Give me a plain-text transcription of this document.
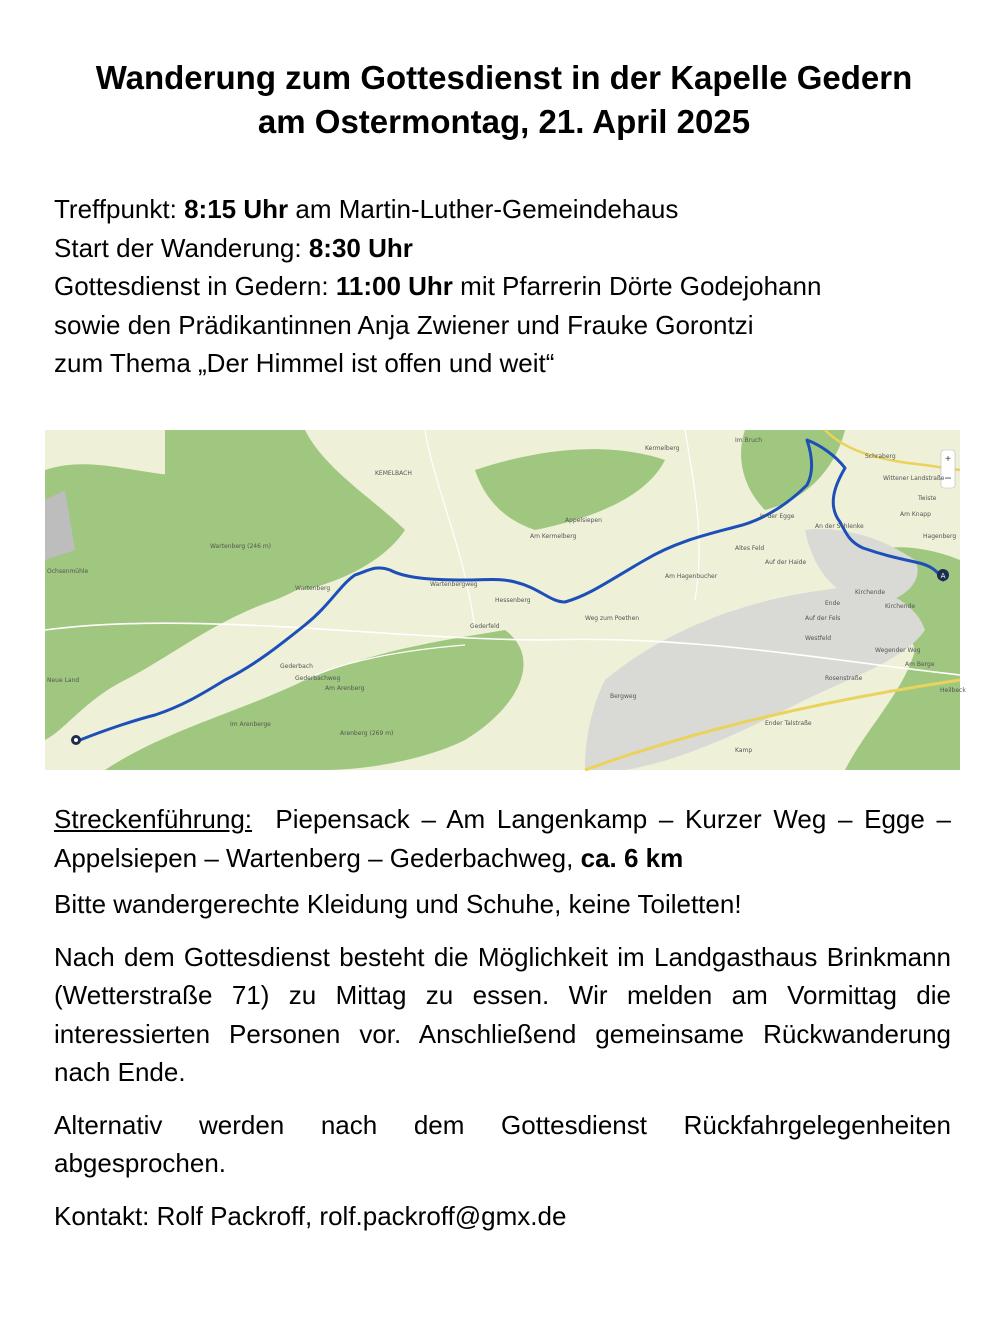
Wanderung zum Gottesdienst in der Kapelle Gedern
am Ostermontag, 21. April 2025
Treffpunkt: 8:15 Uhr am Martin-Luther-Gemeindehaus
Start der Wanderung: 8:30 Uhr
Gottesdienst in Gedern: 11:00 Uhr mit Pfarrerin Dörte Godejohann
sowie den Prädikantinnen Anja Zwiener und Frauke Gorontzi
zum Thema „Der Himmel ist offen und weit“
A
+
−
Kermelberg
KEMELBACH
Im Bruch
Schraberg
Wittener Landstraße
Twiste
Am Knapp
Hagenberg
An der Schlenke
In der Egge
Altes Feld
Auf der Haide
Appelsiepen
Am Kermelberg
Wartenberg
Wartenbergweg
Wartenberg (246 m)
Ochsenmühle
Neue Land
Gederbach
Gederfeld
Hessenberg
Weg zum Poethen
Am Arenberg
Im Arenberge
Arenberg (269 m)
Am Hagenbucher
Kamp
Ender Talstraße
Kirchende
Rosenstraße
Westfeld
Wegender Weg
Bergweg
Gederbachweg
Auf der Fels
Kirchende
Heilbeck
Am Berge
Ende

Streckenführung: Piepensack – Am Langenkamp – Kurzer Weg – Egge – Appelsiepen – Wartenberg – Gederbachweg, ca. 6 km

Bitte wandergerechte Kleidung und Schuhe, keine Toiletten!

Nach dem Gottesdienst besteht die Möglichkeit im Landgasthaus Brinkmann (Wetterstraße 71) zu Mittag zu essen. Wir melden am Vormittag die interessierten Personen vor. Anschließend gemeinsame Rückwanderung nach Ende.

Alternativ werden nach dem Gottesdienst Rückfahrgelegenheiten abgesprochen.

Kontakt: Rolf Packroff, rolf.packroff@gmx.de
